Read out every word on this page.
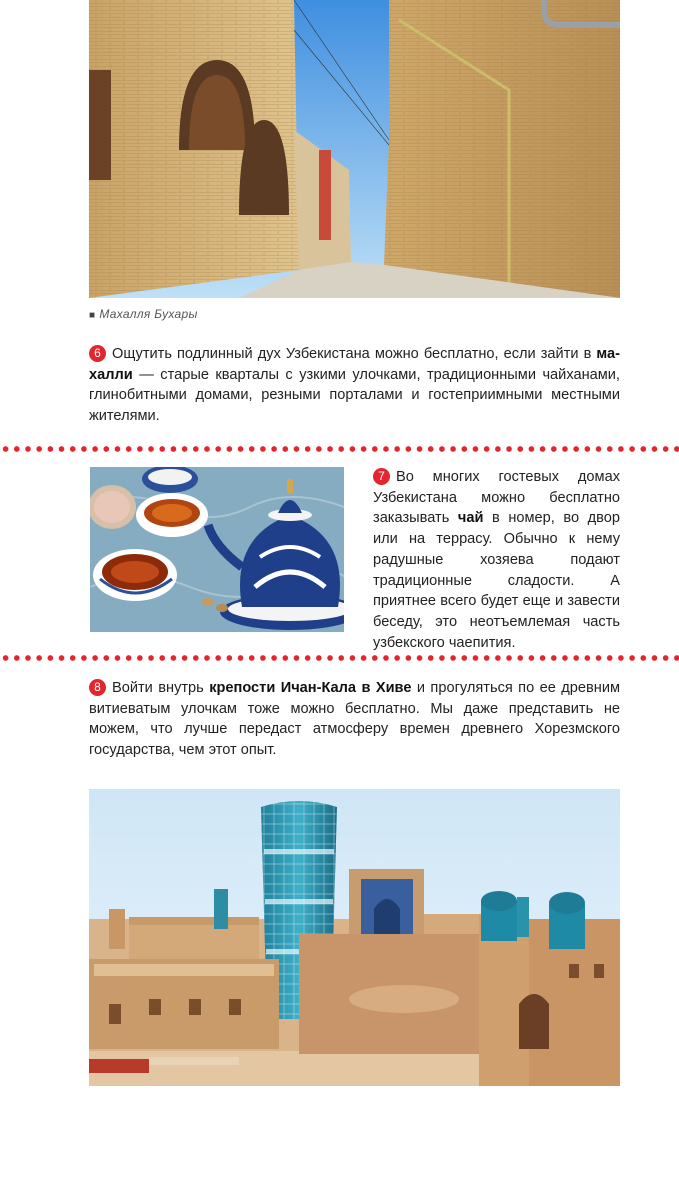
■ Махалля Бухары

6 Ощутить подлинный дух Узбекистана можно бесплатно, если зайти в ма-халли — старые кварталы с узкими улочками, традиционными чайханами, глинобитными домами, резными порталами и гостеприимными местными жителями.

7 Во многих гостевых домах Узбекистана можно бесплатно заказывать чай в номер, во двор или на террасу. Обычно к нему радушные хозяева подают традиционные сладости. А приятнее всего будет еще и завести беседу, это неотъемлемая часть узбекского чаепития.

8 Войти внутрь крепости Ичан-Кала в Хиве и прогуляться по ее древним витиеватым улочкам тоже можно бесплатно. Мы даже представить не можем, что лучше передаст атмосферу времен древнего Хорезмского государства, чем этот опыт.
